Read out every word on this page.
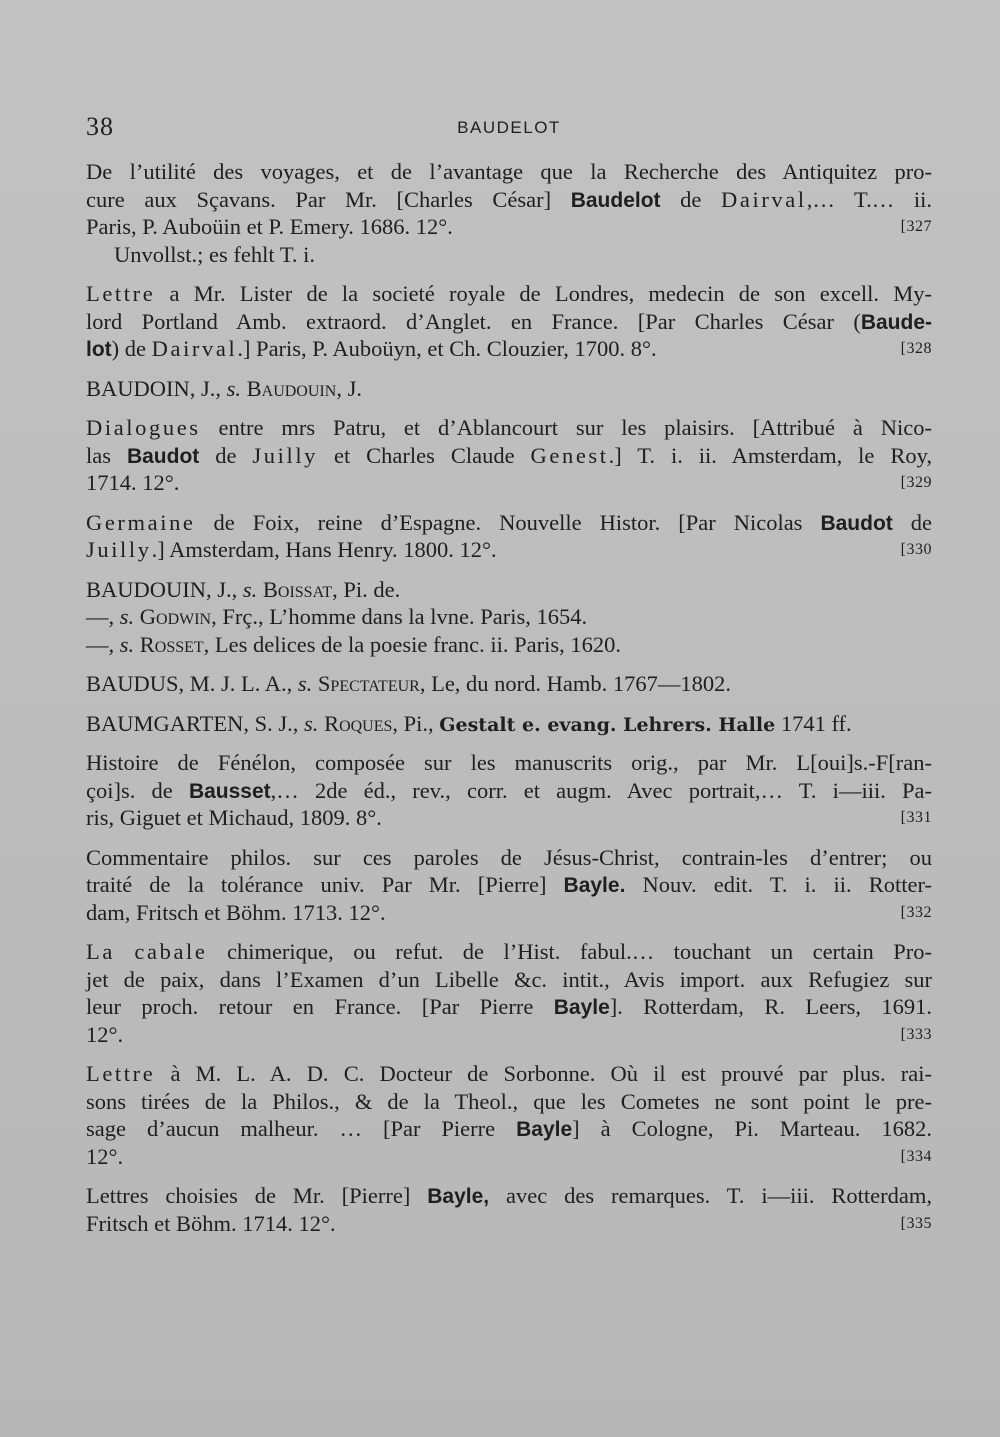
38	BAUDELOT
De l’utilité des voyages, et de l’avantage que la Recherche des Antiquitez pro-
cure aux Sçavans. Par Mr. [Charles César] Baudelot de Dairval,… T.… ii.
Paris, P. Auboüin et P. Emery. 1686. 12°.	[327
Unvollst.; es fehlt T. i.
Lettre a Mr. Lister de la societé royale de Londres, medecin de son excell. My-
lord Portland Amb. extraord. d’Anglet. en France. [Par Charles César (Baude-
lot) de Dairval.] Paris, P. Auboüyn, et Ch. Clouzier, 1700. 8°.	[328
BAUDOIN, J., s. Baudouin, J.
Dialogues entre mrs Patru, et d’Ablancourt sur les plaisirs. [Attribué à Nico-
las Baudot de Juilly et Charles Claude Genest.] T. i. ii. Amsterdam, le Roy,
1714. 12°.	[329
Germaine de Foix, reine d’Espagne. Nouvelle Histor. [Par Nicolas Baudot de
Juilly.] Amsterdam, Hans Henry. 1800. 12°.	[330
BAUDOUIN, J., s. Boissat, Pi. de.
—, s. Godwin, Frç., L’homme dans la lvne. Paris, 1654.
—, s. Rosset, Les delices de la poesie franc. ii. Paris, 1620.
BAUDUS, M. J. L. A., s. Spectateur, Le, du nord. Hamb. 1767—1802.
BAUMGARTEN, S. J., s. Roques, Pi., Gestalt e. evang. Lehrers. Halle 1741 ff.
Histoire de Fénélon, composée sur les manuscrits orig., par Mr. L[oui]s.-F[ran-
çoi]s. de Bausset,… 2de éd., rev., corr. et augm. Avec portrait,… T. i—iii. Pa-
ris, Giguet et Michaud, 1809. 8°.	[331
Commentaire philos. sur ces paroles de Jésus-Christ, contrain-les d’entrer; ou
traité de la tolérance univ. Par Mr. [Pierre] Bayle. Nouv. edit. T. i. ii. Rotter-
dam, Fritsch et Böhm. 1713. 12°.	[332
La cabale chimerique, ou refut. de l’Hist. fabul.… touchant un certain Pro-
jet de paix, dans l’Examen d’un Libelle &c. intit., Avis import. aux Refugiez sur
leur proch. retour en France. [Par Pierre Bayle]. Rotterdam, R. Leers, 1691.
12°.	[333
Lettre à M. L. A. D. C. Docteur de Sorbonne. Où il est prouvé par plus. rai-
sons tirées de la Philos., & de la Theol., que les Cometes ne sont point le pre-
sage d’aucun malheur. … [Par Pierre Bayle] à Cologne, Pi. Marteau. 1682.
12°.	[334
Lettres choisies de Mr. [Pierre] Bayle, avec des remarques. T. i—iii. Rotterdam,
Fritsch et Böhm. 1714. 12°.	[335
